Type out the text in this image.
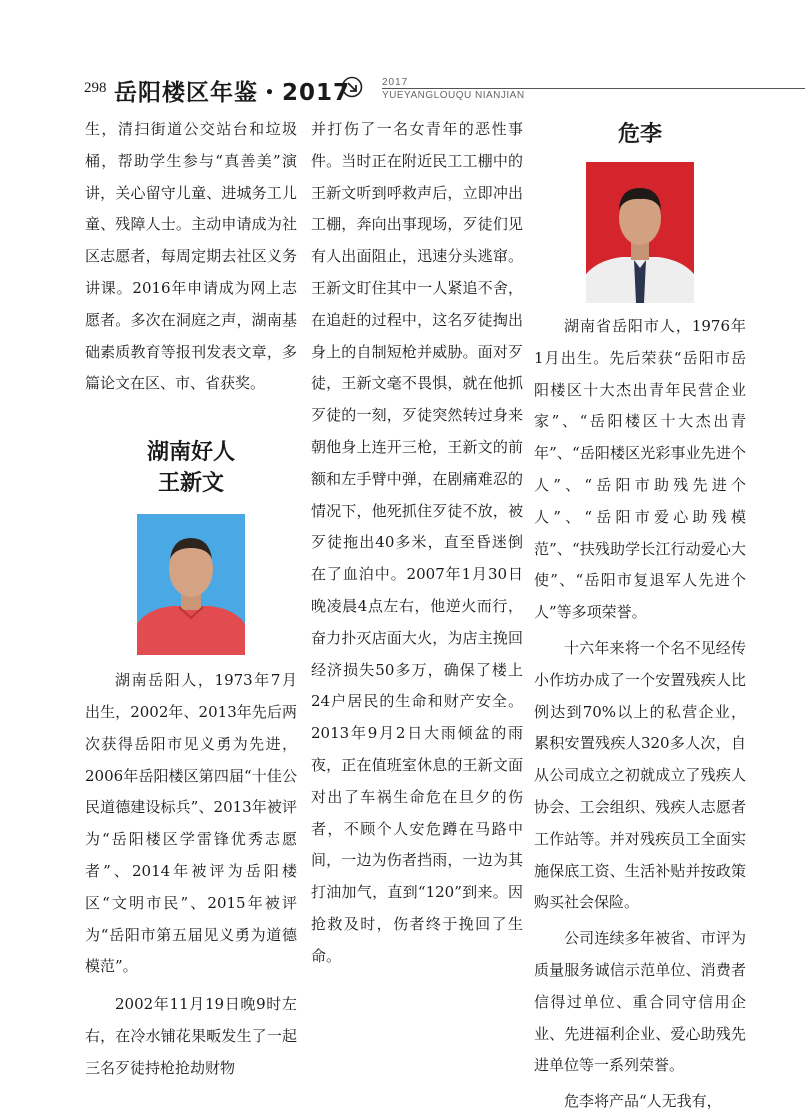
298 岳阳楼区年鉴・2017	2017
YUEYANGLOUQU NIANJIAN

生，清扫街道公交站台和垃圾桶，帮助学生参与“真善美”演讲，关心留守儿童、进城务工儿童、残障人士。主动申请成为社区志愿者，每周定期去社区义务讲课。2016年申请成为网上志愿者。多次在洞庭之声，湖南基础素质教育等报刊发表文章，多篇论文在区、市、省获奖。

湖南好人
王新文

湖南岳阳人，1973年7月出生，2002年、2013年先后两次获得岳阳市见义勇为先进，2006年岳阳楼区第四届“十佳公民道德建设标兵”、2013年被评为“岳阳楼区学雷锋优秀志愿者”、2014年被评为岳阳楼区“文明市民”、2015年被评为“岳阳市第五届见义勇为道德模范”。

2002年11月19日晚9时左右，在冷水铺花果畈发生了一起三名歹徒持枪抢劫财物

并打伤了一名女青年的恶性事件。当时正在附近民工工棚中的王新文听到呼救声后，立即冲出工棚，奔向出事现场，歹徒们见有人出面阻止，迅速分头逃窜。王新文盯住其中一人紧追不舍，在追赶的过程中，这名歹徒掏出身上的自制短枪并威胁。面对歹徒，王新文毫不畏惧，就在他抓歹徒的一刻，歹徒突然转过身来朝他身上连开三枪，王新文的前额和左手臂中弹，在剧痛难忍的情况下，他死抓住歹徒不放，被歹徒拖出40多米，直至昏迷倒在了血泊中。2007年1月30日晚凌晨4点左右，他逆火而行，奋力扑灭店面大火，为店主挽回经济损失50多万，确保了楼上24户居民的生命和财产安全。2013年9月2日大雨倾盆的雨夜，正在值班室休息的王新文面对出了车祸生命危在旦夕的伤者，不顾个人安危蹲在马路中间，一边为伤者挡雨，一边为其打油加气，直到“120”到来。因抢救及时，伤者终于挽回了生命。

危李

湖南省岳阳市人，1976年1月出生。先后荣获“岳阳市岳阳楼区十大杰出青年民营企业家”、“岳阳楼区十大杰出青年”、“岳阳楼区光彩事业先进个人”、“岳阳市助残先进个人”、“岳阳市爱心助残模范”、“扶残助学长江行动爱心大使”、“岳阳市复退军人先进个人”等多项荣誉。

十六年来将一个名不见经传小作坊办成了一个安置残疾人比例达到70%以上的私营企业，累积安置残疾人320多人次，自从公司成立之初就成立了残疾人协会、工会组织、残疾人志愿者工作站等。并对残疾员工全面实施保底工资、生活补贴并按政策购买社会保险。

公司连续多年被省、市评为质量服务诚信示范单位、消费者信得过单位、重合同守信用企业、先进福利企业、爱心助残先进单位等一系列荣誉。

危李将产品“人无我有，
